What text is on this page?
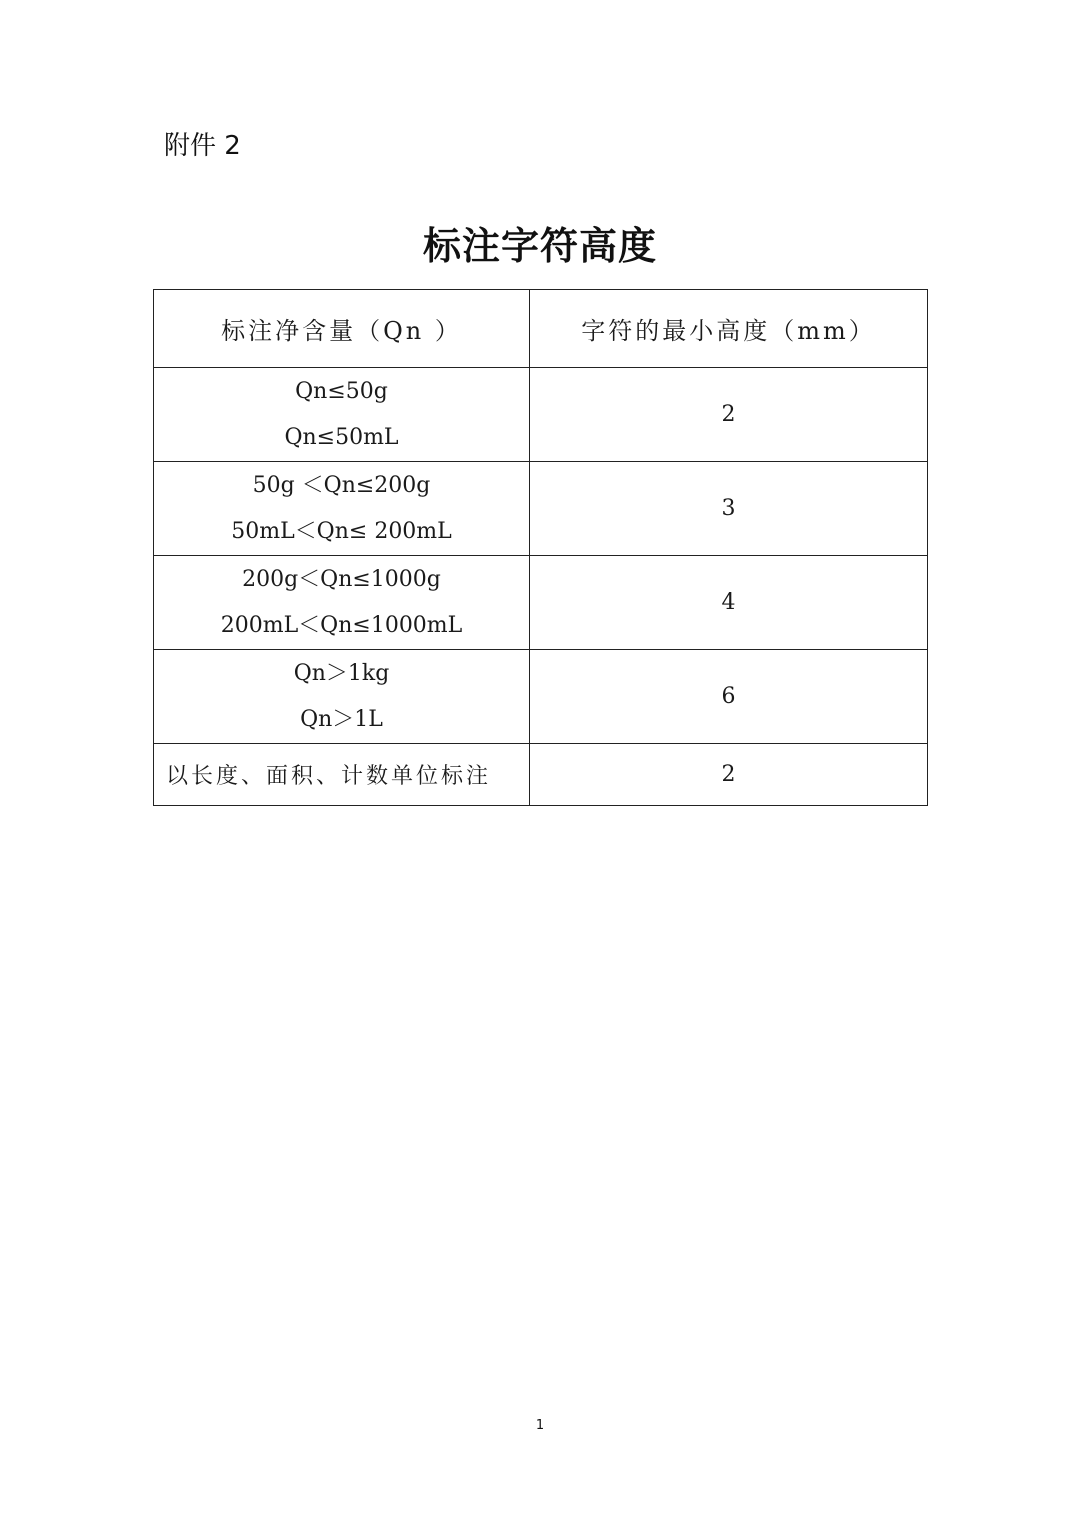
附件 2
标注字符高度
标注净含量（Qn ）	字符的最小高度（mm）

Qn≤50g
Qn≤50mL	2

50g ＜Qn≤200g
50mL＜Qn≤ 200mL	3

200g＜Qn≤1000g
200mL＜Qn≤1000mL	4

Qn＞1kg
Qn＞1L	6

以长度、面积、计数单位标注	2
1
